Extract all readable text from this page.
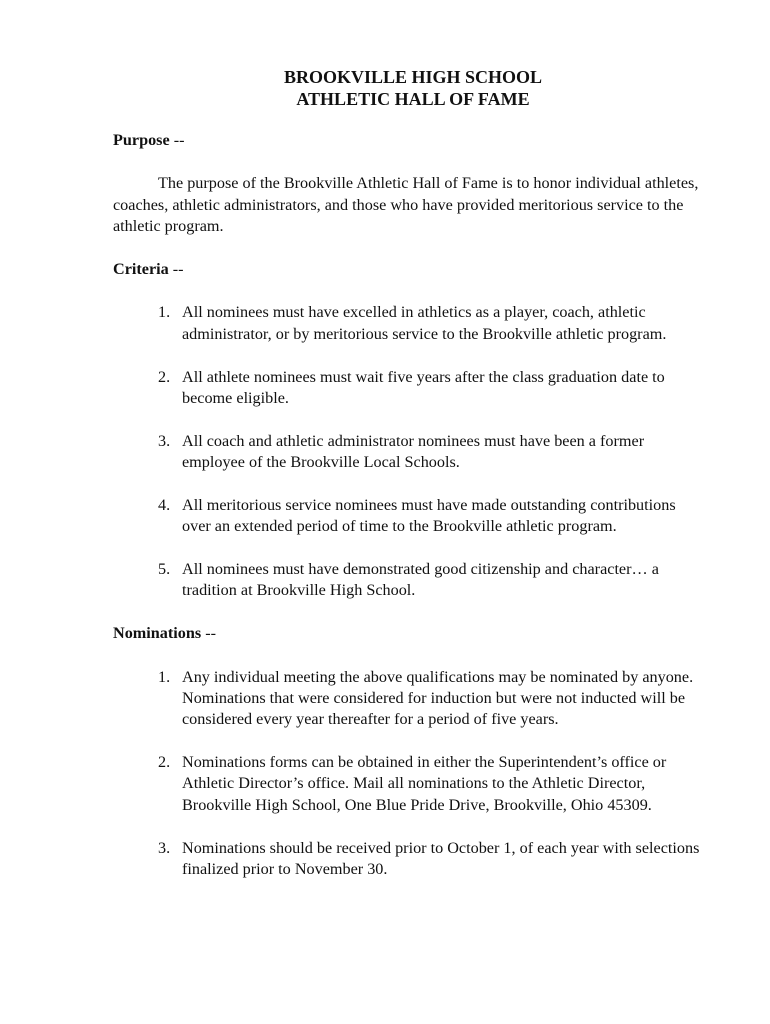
BROOKVILLE HIGH SCHOOL
ATHLETIC HALL OF FAME

Purpose --

The purpose of the Brookville Athletic Hall of Fame is to honor individual athletes, coaches, athletic administrators, and those who have provided meritorious service to the athletic program.

Criteria --

1. All nominees must have excelled in athletics as a player, coach, athletic administrator, or by meritorious service to the Brookville athletic program.
2. All athlete nominees must wait five years after the class graduation date to become eligible.
3. All coach and athletic administrator nominees must have been a former employee of the Brookville Local Schools.
4. All meritorious service nominees must have made outstanding contributions over an extended period of time to the Brookville athletic program.
5. All nominees must have demonstrated good citizenship and character… a tradition at Brookville High School.

Nominations --

1. Any individual meeting the above qualifications may be nominated by anyone. Nominations that were considered for induction but were not inducted will be considered every year thereafter for a period of five years.
2. Nominations forms can be obtained in either the Superintendent’s office or Athletic Director’s office. Mail all nominations to the Athletic Director, Brookville High School, One Blue Pride Drive, Brookville, Ohio 45309.
3. Nominations should be received prior to October 1, of each year with selections finalized prior to November 30.
